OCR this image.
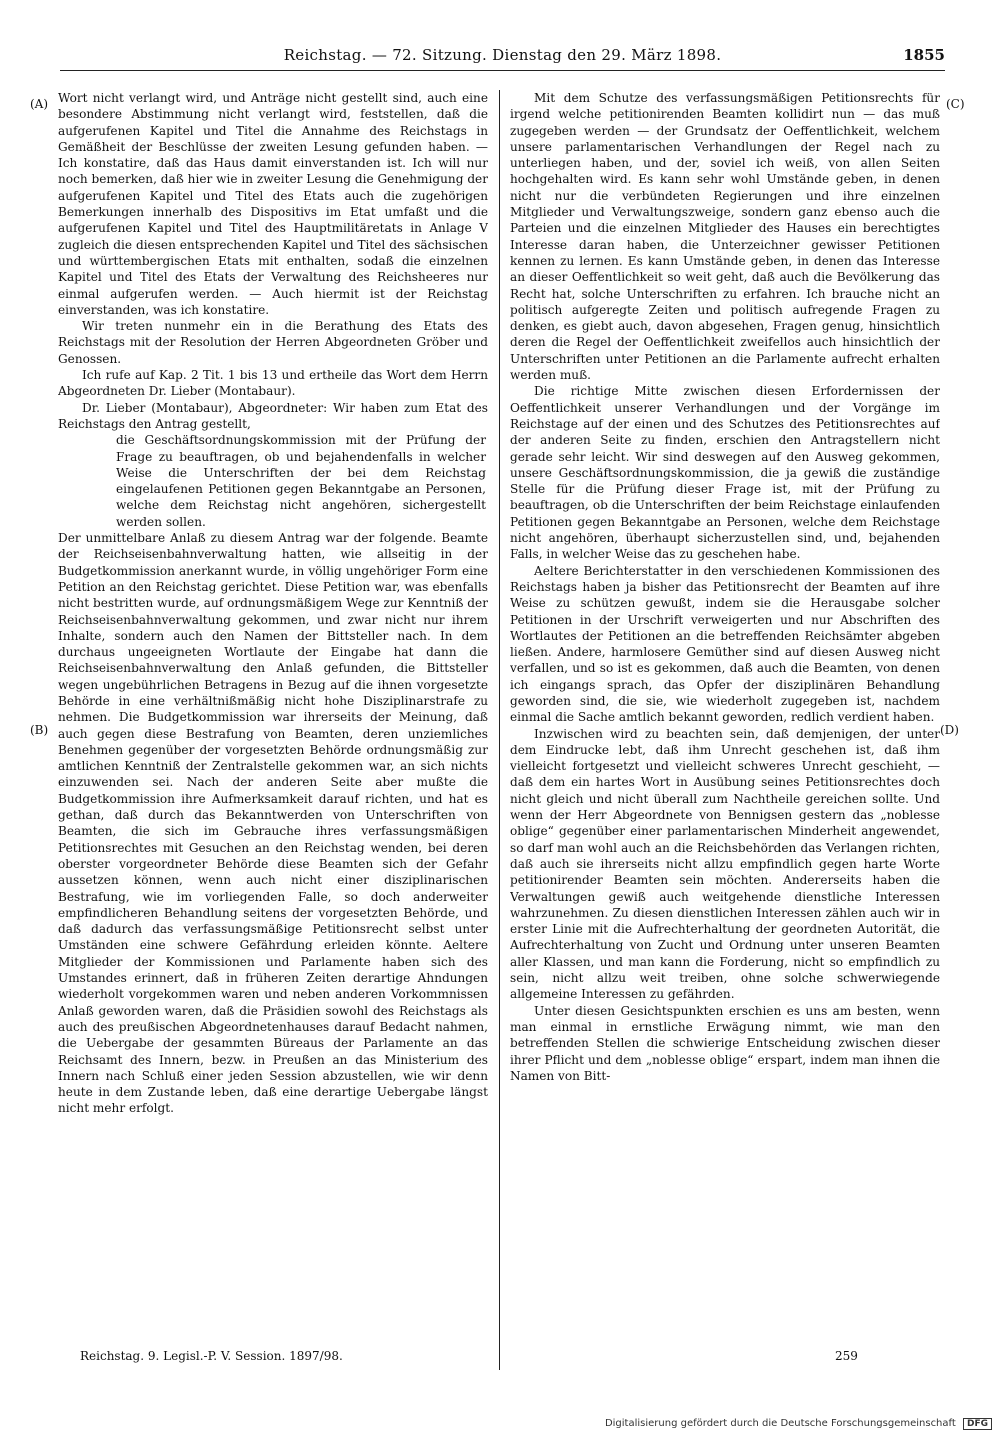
Reichstag. — 72. Sitzung. Dienstag den 29. März 1898.	1855
(A)
(B)
(C)
(D)

Wort nicht verlangt wird, und Anträge nicht gestellt sind, auch eine besondere Abstimmung nicht verlangt wird, feststellen, daß die aufgerufenen Kapitel und Titel die Annahme des Reichstags in Gemäßheit der Beschlüsse der zweiten Lesung gefunden haben. — Ich konstatire, daß das Haus damit einverstanden ist. Ich will nur noch bemerken, daß hier wie in zweiter Lesung die Genehmigung der aufgerufenen Kapitel und Titel des Etats auch die zugehörigen Bemerkungen innerhalb des Dispositivs im Etat umfaßt und die aufgerufenen Kapitel und Titel des Hauptmilitäretats in Anlage V zugleich die diesen entsprechenden Kapitel und Titel des sächsischen und württembergischen Etats mit enthalten, sodaß die einzelnen Kapitel und Titel des Etats der Verwaltung des Reichsheeres nur einmal aufgerufen werden. — Auch hiermit ist der Reichstag einverstanden, was ich konstatire.

Wir treten nunmehr ein in die Berathung des Etats des Reichstags mit der Resolution der Herren Abgeordneten Gröber und Genossen.

Ich rufe auf Kap. 2 Tit. 1 bis 13 und ertheile das Wort dem Herrn Abgeordneten Dr. Lieber (Montabaur).

Dr. Lieber (Montabaur), Abgeordneter: Wir haben zum Etat des Reichstags den Antrag gestellt,

die Geschäftsordnungskommission mit der Prüfung der Frage zu beauftragen, ob und bejahendenfalls in welcher Weise die Unterschriften der bei dem Reichstag eingelaufenen Petitionen gegen Bekanntgabe an Personen, welche dem Reichstag nicht angehören, sichergestellt werden sollen.

Der unmittelbare Anlaß zu diesem Antrag war der folgende. Beamte der Reichseisenbahnverwaltung hatten, wie allseitig in der Budgetkommission anerkannt wurde, in völlig ungehöriger Form eine Petition an den Reichstag gerichtet. Diese Petition war, was ebenfalls nicht bestritten wurde, auf ordnungsmäßigem Wege zur Kenntniß der Reichseisenbahnverwaltung gekommen, und zwar nicht nur ihrem Inhalte, sondern auch den Namen der Bittsteller nach. In dem durchaus ungeeigneten Wortlaute der Eingabe hat dann die Reichseisenbahnverwaltung den Anlaß gefunden, die Bittsteller wegen ungebührlichen Betragens in Bezug auf die ihnen vorgesetzte Behörde in eine verhältnißmäßig nicht hohe Disziplinarstrafe zu nehmen. Die Budgetkommission war ihrerseits der Meinung, daß auch gegen diese Bestrafung von Beamten, deren unziemliches Benehmen gegenüber der vorgesetzten Behörde ordnungsmäßig zur amtlichen Kenntniß der Zentralstelle gekommen war, an sich nichts einzuwenden sei. Nach der anderen Seite aber mußte die Budgetkommission ihre Aufmerksamkeit darauf richten, und hat es gethan, daß durch das Bekanntwerden von Unterschriften von Beamten, die sich im Gebrauche ihres verfassungsmäßigen Petitionsrechtes mit Gesuchen an den Reichstag wenden, bei deren oberster vorgeordneter Behörde diese Beamten sich der Gefahr aussetzen können, wenn auch nicht einer disziplinarischen Bestrafung, wie im vorliegenden Falle, so doch anderweiter empfindlicheren Behandlung seitens der vorgesetzten Behörde, und daß dadurch das verfassungsmäßige Petitionsrecht selbst unter Umständen eine schwere Gefährdung erleiden könnte. Aeltere Mitglieder der Kommissionen und Parlamente haben sich des Umstandes erinnert, daß in früheren Zeiten derartige Ahndungen wiederholt vorgekommen waren und neben anderen Vorkommnissen Anlaß geworden waren, daß die Präsidien sowohl des Reichstags als auch des preußischen Abgeordnetenhauses darauf Bedacht nahmen, die Uebergabe der gesammten Büreaus der Parlamente an das Reichsamt des Innern, bezw. in Preußen an das Ministerium des Innern nach Schluß einer jeden Session abzustellen, wie wir denn heute in dem Zustande leben, daß eine derartige Uebergabe längst nicht mehr erfolgt.

Mit dem Schutze des verfassungsmäßigen Petitionsrechts für irgend welche petitionirenden Beamten kollidirt nun — das muß zugegeben werden — der Grundsatz der Oeffentlichkeit, welchem unsere parlamentarischen Verhandlungen der Regel nach zu unterliegen haben, und der, soviel ich weiß, von allen Seiten hochgehalten wird. Es kann sehr wohl Umstände geben, in denen nicht nur die verbündeten Regierungen und ihre einzelnen Mitglieder und Verwaltungszweige, sondern ganz ebenso auch die Parteien und die einzelnen Mitglieder des Hauses ein berechtigtes Interesse daran haben, die Unterzeichner gewisser Petitionen kennen zu lernen. Es kann Umstände geben, in denen das Interesse an dieser Oeffentlichkeit so weit geht, daß auch die Bevölkerung das Recht hat, solche Unterschriften zu erfahren. Ich brauche nicht an politisch aufgeregte Zeiten und politisch aufregende Fragen zu denken, es giebt auch, davon abgesehen, Fragen genug, hinsichtlich deren die Regel der Oeffentlichkeit zweifellos auch hinsichtlich der Unterschriften unter Petitionen an die Parlamente aufrecht erhalten werden muß.

Die richtige Mitte zwischen diesen Erfordernissen der Oeffentlichkeit unserer Verhandlungen und der Vorgänge im Reichstage auf der einen und des Schutzes des Petitionsrechtes auf der anderen Seite zu finden, erschien den Antragstellern nicht gerade sehr leicht. Wir sind deswegen auf den Ausweg gekommen, unsere Geschäftsordnungskommission, die ja gewiß die zuständige Stelle für die Prüfung dieser Frage ist, mit der Prüfung zu beauftragen, ob die Unterschriften der beim Reichstage einlaufenden Petitionen gegen Bekanntgabe an Personen, welche dem Reichstage nicht angehören, überhaupt sicherzustellen sind, und, bejahenden Falls, in welcher Weise das zu geschehen habe.

Aeltere Berichterstatter in den verschiedenen Kommissionen des Reichstags haben ja bisher das Petitionsrecht der Beamten auf ihre Weise zu schützen gewußt, indem sie die Herausgabe solcher Petitionen in der Urschrift verweigerten und nur Abschriften des Wortlautes der Petitionen an die betreffenden Reichsämter abgeben ließen. Andere, harmlosere Gemüther sind auf diesen Ausweg nicht verfallen, und so ist es gekommen, daß auch die Beamten, von denen ich eingangs sprach, das Opfer der disziplinären Behandlung geworden sind, die sie, wie wiederholt zugegeben ist, nachdem einmal die Sache amtlich bekannt geworden, redlich verdient haben.

Inzwischen wird zu beachten sein, daß demjenigen, der unter dem Eindrucke lebt, daß ihm Unrecht geschehen ist, daß ihm vielleicht fortgesetzt und vielleicht schweres Unrecht geschieht, — daß dem ein hartes Wort in Ausübung seines Petitionsrechtes doch nicht gleich und nicht überall zum Nachtheile gereichen sollte. Und wenn der Herr Abgeordnete von Bennigsen gestern das „noblesse oblige“ gegenüber einer parlamentarischen Minderheit angewendet, so darf man wohl auch an die Reichsbehörden das Verlangen richten, daß auch sie ihrerseits nicht allzu empfindlich gegen harte Worte petitionirender Beamten sein möchten. Andererseits haben die Verwaltungen gewiß auch weitgehende dienstliche Interessen wahrzunehmen. Zu diesen dienstlichen Interessen zählen auch wir in erster Linie mit die Aufrechterhaltung der geordneten Autorität, die Aufrechterhaltung von Zucht und Ordnung unter unseren Beamten aller Klassen, und man kann die Forderung, nicht so empfindlich zu sein, nicht allzu weit treiben, ohne solche schwerwiegende allgemeine Interessen zu gefährden.

Unter diesen Gesichtspunkten erschien es uns am besten, wenn man einmal in ernstliche Erwägung nimmt, wie man den betreffenden Stellen die schwierige Entscheidung zwischen dieser ihrer Pflicht und dem „noblesse oblige“ erspart, indem man ihnen die Namen von Bitt-

Reichstag. 9. Legisl.-P. V. Session. 1897/98.	259
Digitalisierung gefördert durch die Deutsche Forschungsgemeinschaft DFG
